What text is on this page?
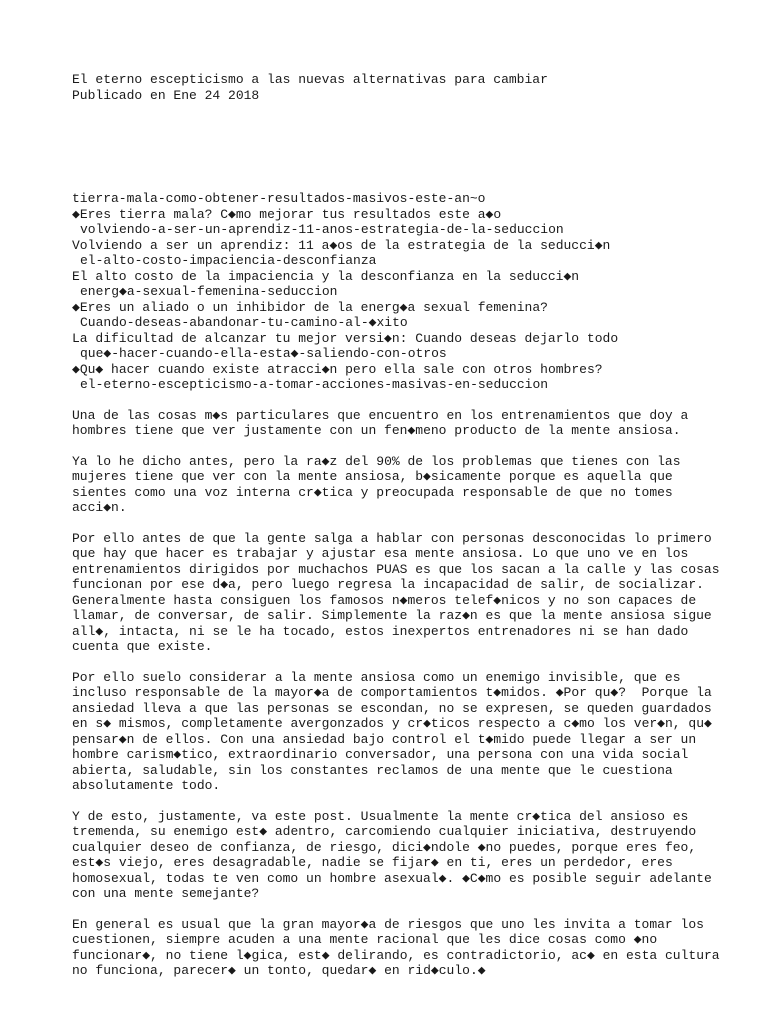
El eterno escepticismo a las nuevas alternativas para cambiar
Publicado en Ene 24 2018
tierra-mala-como-obtener-resultados-masivos-este-an~o
◆Eres tierra mala? C◆mo mejorar tus resultados este a◆o
volviendo-a-ser-un-aprendiz-11-anos-estrategia-de-la-seduccion
Volviendo a ser un aprendiz: 11 a◆os de la estrategia de la seducci◆n
el-alto-costo-impaciencia-desconfianza
El alto costo de la impaciencia y la desconfianza en la seducci◆n
energ◆a-sexual-femenina-seduccion
◆Eres un aliado o un inhibidor de la energ◆a sexual femenina?
Cuando-deseas-abandonar-tu-camino-al-◆xito
La dificultad de alcanzar tu mejor versi◆n: Cuando deseas dejarlo todo
que◆-hacer-cuando-ella-esta◆-saliendo-con-otros
◆Qu◆ hacer cuando existe atracci◆n pero ella sale con otros hombres?
el-eterno-escepticismo-a-tomar-acciones-masivas-en-seduccion
Una de las cosas m◆s particulares que encuentro en los entrenamientos que doy a
hombres tiene que ver justamente con un fen◆meno producto de la mente ansiosa.
Ya lo he dicho antes, pero la ra◆z del 90% de los problemas que tienes con las
mujeres tiene que ver con la mente ansiosa, b◆sicamente porque es aquella que
sientes como una voz interna cr◆tica y preocupada responsable de que no tomes
acci◆n.
Por ello antes de que la gente salga a hablar con personas desconocidas lo primero
que hay que hacer es trabajar y ajustar esa mente ansiosa. Lo que uno ve en los
entrenamientos dirigidos por muchachos PUAS es que los sacan a la calle y las cosas
funcionan por ese d◆a, pero luego regresa la incapacidad de salir, de socializar.
Generalmente hasta consiguen los famosos n◆meros telef◆nicos y no son capaces de
llamar, de conversar, de salir. Simplemente la raz◆n es que la mente ansiosa sigue
all◆, intacta, ni se le ha tocado, estos inexpertos entrenadores ni se han dado
cuenta que existe.
Por ello suelo considerar a la mente ansiosa como un enemigo invisible, que es
incluso responsable de la mayor◆a de comportamientos t◆midos. ◆Por qu◆?  Porque la
ansiedad lleva a que las personas se escondan, no se expresen, se queden guardados
en s◆ mismos, completamente avergonzados y cr◆ticos respecto a c◆mo los ver◆n, qu◆
pensar◆n de ellos. Con una ansiedad bajo control el t◆mido puede llegar a ser un
hombre carism◆tico, extraordinario conversador, una persona con una vida social
abierta, saludable, sin los constantes reclamos de una mente que le cuestiona
absolutamente todo.
Y de esto, justamente, va este post. Usualmente la mente cr◆tica del ansioso es
tremenda, su enemigo est◆ adentro, carcomiendo cualquier iniciativa, destruyendo
cualquier deseo de confianza, de riesgo, dici◆ndole ◆no puedes, porque eres feo,
est◆s viejo, eres desagradable, nadie se fijar◆ en ti, eres un perdedor, eres
homosexual, todas te ven como un hombre asexual◆. ◆C◆mo es posible seguir adelante
con una mente semejante?
En general es usual que la gran mayor◆a de riesgos que uno les invita a tomar los
cuestionen, siempre acuden a una mente racional que les dice cosas como ◆no
funcionar◆, no tiene l◆gica, est◆ delirando, es contradictorio, ac◆ en esta cultura
no funciona, parecer◆ un tonto, quedar◆ en rid◆culo.◆
